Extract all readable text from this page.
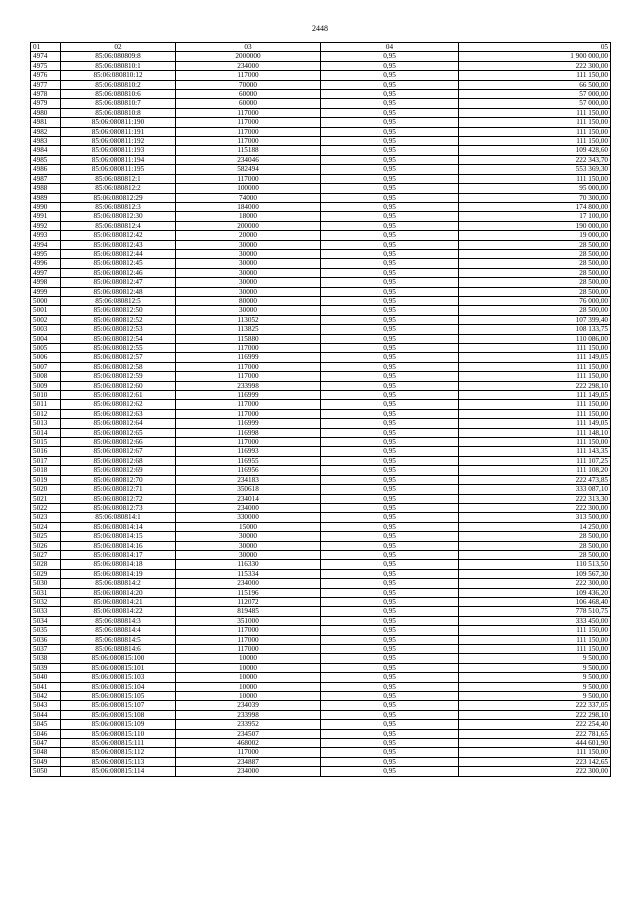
2448
01	02	03	04	05
4974	85:06:080809:8	2000000	0,95	1 900 000,00
4975	85:06:080810:1	234000	0,95	222 300,00
4976	85:06:080810:12	117000	0,95	111 150,00
4977	85:06:080810:2	70000	0,95	66 500,00
4978	85:06:080810:6	60000	0,95	57 000,00
4979	85:06:080810:7	60000	0,95	57 000,00
4980	85:06:080810:8	117000	0,95	111 150,00
4981	85:06:080811:190	117000	0,95	111 150,00
4982	85:06:080811:191	117000	0,95	111 150,00
4983	85:06:080811:192	117000	0,95	111 150,00
4984	85:06:080811:193	115188	0,95	109 428,60
4985	85:06:080811:194	234046	0,95	222 343,70
4986	85:06:080811:195	582494	0,95	553 369,30
4987	85:06:080812:1	117000	0,95	111 150,00
4988	85:06:080812:2	100000	0,95	95 000,00
4989	85:06:080812:29	74000	0,95	70 300,00
4990	85:06:080812:3	184000	0,95	174 800,00
4991	85:06:080812:30	18000	0,95	17 100,00
4992	85:06:080812:4	200000	0,95	190 000,00
4993	85:06:080812:42	20000	0,95	19 000,00
4994	85:06:080812:43	30000	0,95	28 500,00
4995	85:06:080812:44	30000	0,95	28 500,00
4996	85:06:080812:45	30000	0,95	28 500,00
4997	85:06:080812:46	30000	0,95	28 500,00
4998	85:06:080812:47	30000	0,95	28 500,00
4999	85:06:080812:48	30000	0,95	28 500,00
5000	85:06:080812:5	80000	0,95	76 000,00
5001	85:06:080812:50	30000	0,95	28 500,00
5002	85:06:080812:52	113052	0,95	107 399,40
5003	85:06:080812:53	113825	0,95	108 133,75
5004	85:06:080812:54	115880	0,95	110 086,00
5005	85:06:080812:55	117000	0,95	111 150,00
5006	85:06:080812:57	116999	0,95	111 149,05
5007	85:06:080812:58	117000	0,95	111 150,00
5008	85:06:080812:59	117000	0,95	111 150,00
5009	85:06:080812:60	233998	0,95	222 298,10
5010	85:06:080812:61	116999	0,95	111 149,05
5011	85:06:080812:62	117000	0,95	111 150,00
5012	85:06:080812:63	117000	0,95	111 150,00
5013	85:06:080812:64	116999	0,95	111 149,05
5014	85:06:080812:65	116998	0,95	111 148,10
5015	85:06:080812:66	117000	0,95	111 150,00
5016	85:06:080812:67	116993	0,95	111 143,35
5017	85:06:080812:68	116955	0,95	111 107,25
5018	85:06:080812:69	116956	0,95	111 108,20
5019	85:06:080812:70	234183	0,95	222 473,85
5020	85:06:080812:71	350618	0,95	333 087,10
5021	85:06:080812:72	234014	0,95	222 313,30
5022	85:06:080812:73	234000	0,95	222 300,00
5023	85:06:080814:1	330000	0,95	313 500,00
5024	85:06:080814:14	15000	0,95	14 250,00
5025	85:06:080814:15	30000	0,95	28 500,00
5026	85:06:080814:16	30000	0,95	28 500,00
5027	85:06:080814:17	30000	0,95	28 500,00
5028	85:06:080814:18	116330	0,95	110 513,50
5029	85:06:080814:19	115334	0,95	109 567,30
5030	85:06:080814:2	234000	0,95	222 300,00
5031	85:06:080814:20	115196	0,95	109 436,20
5032	85:06:080814:21	112072	0,95	106 468,40
5033	85:06:080814:22	819485	0,95	778 510,75
5034	85:06:080814:3	351000	0,95	333 450,00
5035	85:06:080814:4	117000	0,95	111 150,00
5036	85:06:080814:5	117000	0,95	111 150,00
5037	85:06:080814:6	117000	0,95	111 150,00
5038	85:06:080815:100	10000	0,95	9 500,00
5039	85:06:080815:101	10000	0,95	9 500,00
5040	85:06:080815:103	10000	0,95	9 500,00
5041	85:06:080815:104	10000	0,95	9 500,00
5042	85:06:080815:105	10000	0,95	9 500,00
5043	85:06:080815:107	234039	0,95	222 337,05
5044	85:06:080815:108	233998	0,95	222 298,10
5045	85:06:080815:109	233952	0,95	222 254,40
5046	85:06:080815:110	234507	0,95	222 781,65
5047	85:06:080815:111	468002	0,95	444 601,90
5048	85:06:080815:112	117000	0,95	111 150,00
5049	85:06:080815:113	234887	0,95	223 142,65
5050	85:06:080815:114	234000	0,95	222 300,00
